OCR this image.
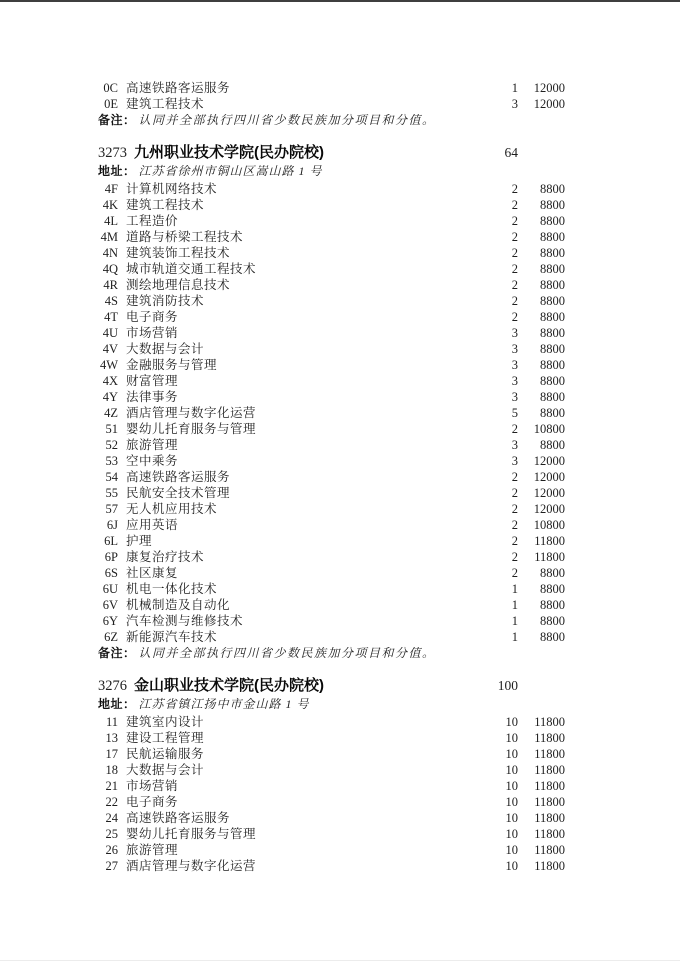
0C 高速铁路客运服务	1	12000
0E 建筑工程技术	3	12000
备注： 认同并全部执行四川省少数民族加分项目和分值。
3273 九州职业技术学院(民办院校)	64
地址： 江苏省徐州市铜山区嵩山路 1 号
4F 计算机网络技术	2	8800
4K 建筑工程技术	2	8800
4L 工程造价	2	8800
4M 道路与桥梁工程技术	2	8800
4N 建筑装饰工程技术	2	8800
4Q 城市轨道交通工程技术	2	8800
4R 测绘地理信息技术	2	8800
4S 建筑消防技术	2	8800
4T 电子商务	2	8800
4U 市场营销	3	8800
4V 大数据与会计	3	8800
4W 金融服务与管理	3	8800
4X 财富管理	3	8800
4Y 法律事务	3	8800
4Z 酒店管理与数字化运营	5	8800
51 婴幼儿托育服务与管理	2	10800
52 旅游管理	3	8800
53 空中乘务	3	12000
54 高速铁路客运服务	2	12000
55 民航安全技术管理	2	12000
57 无人机应用技术	2	12000
6J 应用英语	2	10800
6L 护理	2	11800
6P 康复治疗技术	2	11800
6S 社区康复	2	8800
6U 机电一体化技术	1	8800
6V 机械制造及自动化	1	8800
6Y 汽车检测与维修技术	1	8800
6Z 新能源汽车技术	1	8800
备注： 认同并全部执行四川省少数民族加分项目和分值。
3276 金山职业技术学院(民办院校)	100
地址： 江苏省镇江扬中市金山路 1 号
11 建筑室内设计	10	11800
13 建设工程管理	10	11800
17 民航运输服务	10	11800
18 大数据与会计	10	11800
21 市场营销	10	11800
22 电子商务	10	11800
24 高速铁路客运服务	10	11800
25 婴幼儿托育服务与管理	10	11800
26 旅游管理	10	11800
27 酒店管理与数字化运营	10	11800
